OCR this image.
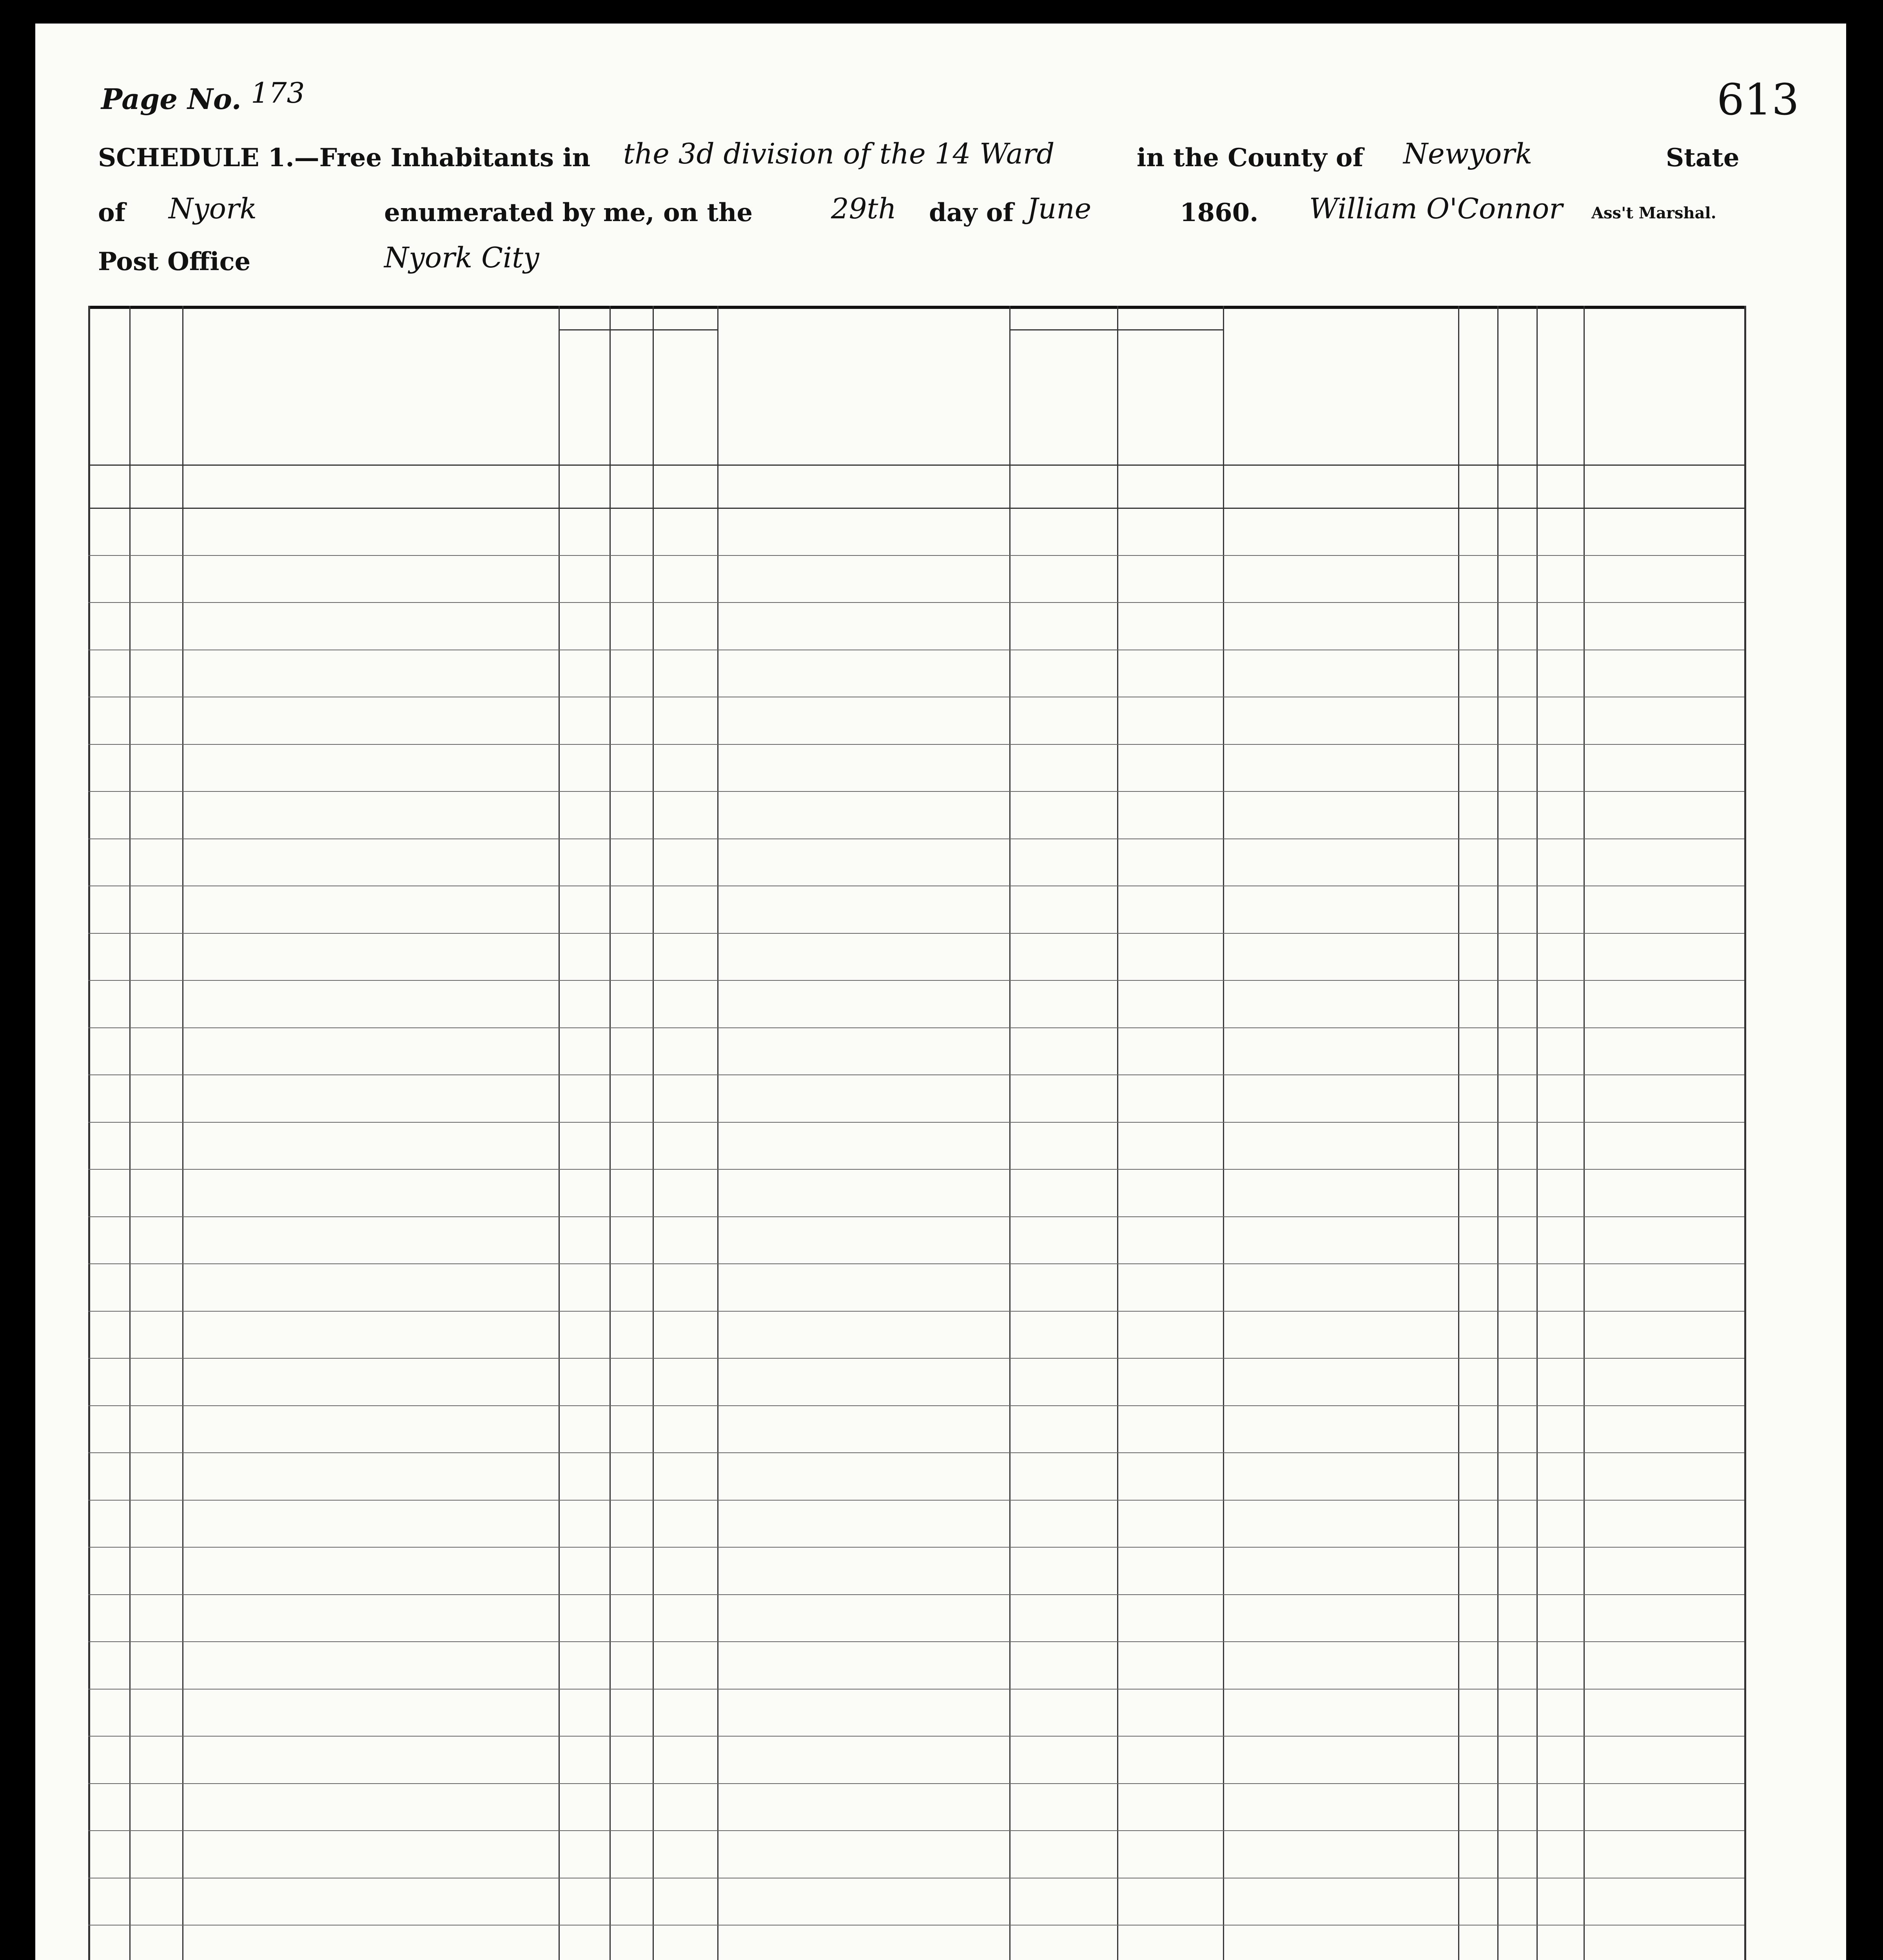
Page No. 173	613
SCHEDULE 1.—Free Inhabitants in the 3d division of the 14 Ward	in the County of Newyork	State
of Nyork	enumerated by me, on the	29th day of June	1860. William O'Connor Ass't Marshal.
Post Office	Nyork City
